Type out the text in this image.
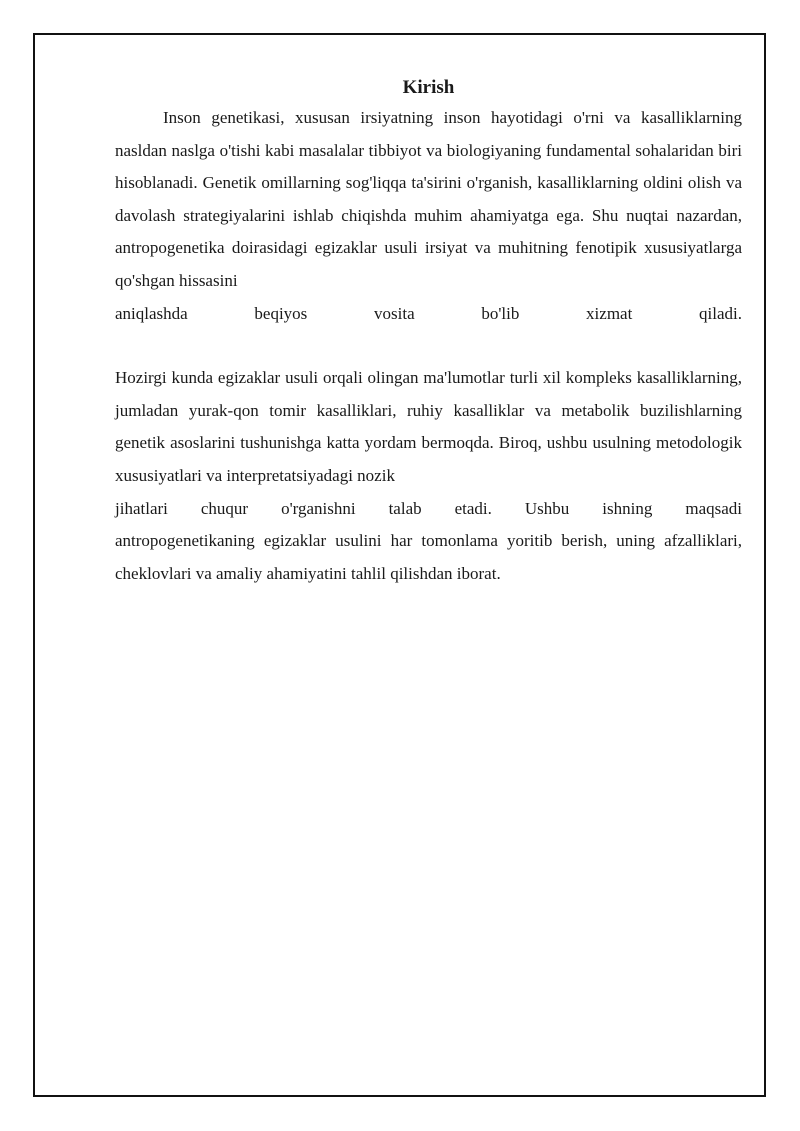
Kirish

Inson genetikasi, xususan irsiyatning inson hayotidagi o'rni va kasalliklarning nasldan naslga o'tishi kabi masalalar tibbiyot va biologiyaning fundamental sohalaridan biri hisoblanadi. Genetik omillarning sog'liqqa ta'sirini o'rganish, kasalliklarning oldini olish va davolash strategiyalarini ishlab chiqishda muhim ahamiyatga ega. Shu nuqtai nazardan, antropogenetika doirasidagi egizaklar usuli irsiyat va muhitning fenotipik xususiyatlarga qo'shgan hissasini

aniqlashda beqiyos vosita bo'lib xizmat qiladi.

Hozirgi kunda egizaklar usuli orqali olingan ma'lumotlar turli xil kompleks kasalliklarning, jumladan yurak-qon tomir kasalliklari, ruhiy kasalliklar va metabolik buzilishlarning genetik asoslarini tushunishga katta yordam bermoqda. Biroq, ushbu usulning metodologik xususiyatlari va interpretatsiyadagi nozik

jihatlari chuqur o'rganishni talab etadi. Ushbu ishning maqsadi

antropogenetikaning egizaklar usulini har tomonlama yoritib berish, uning afzalliklari, cheklovlari va amaliy ahamiyatini tahlil qilishdan iborat.
